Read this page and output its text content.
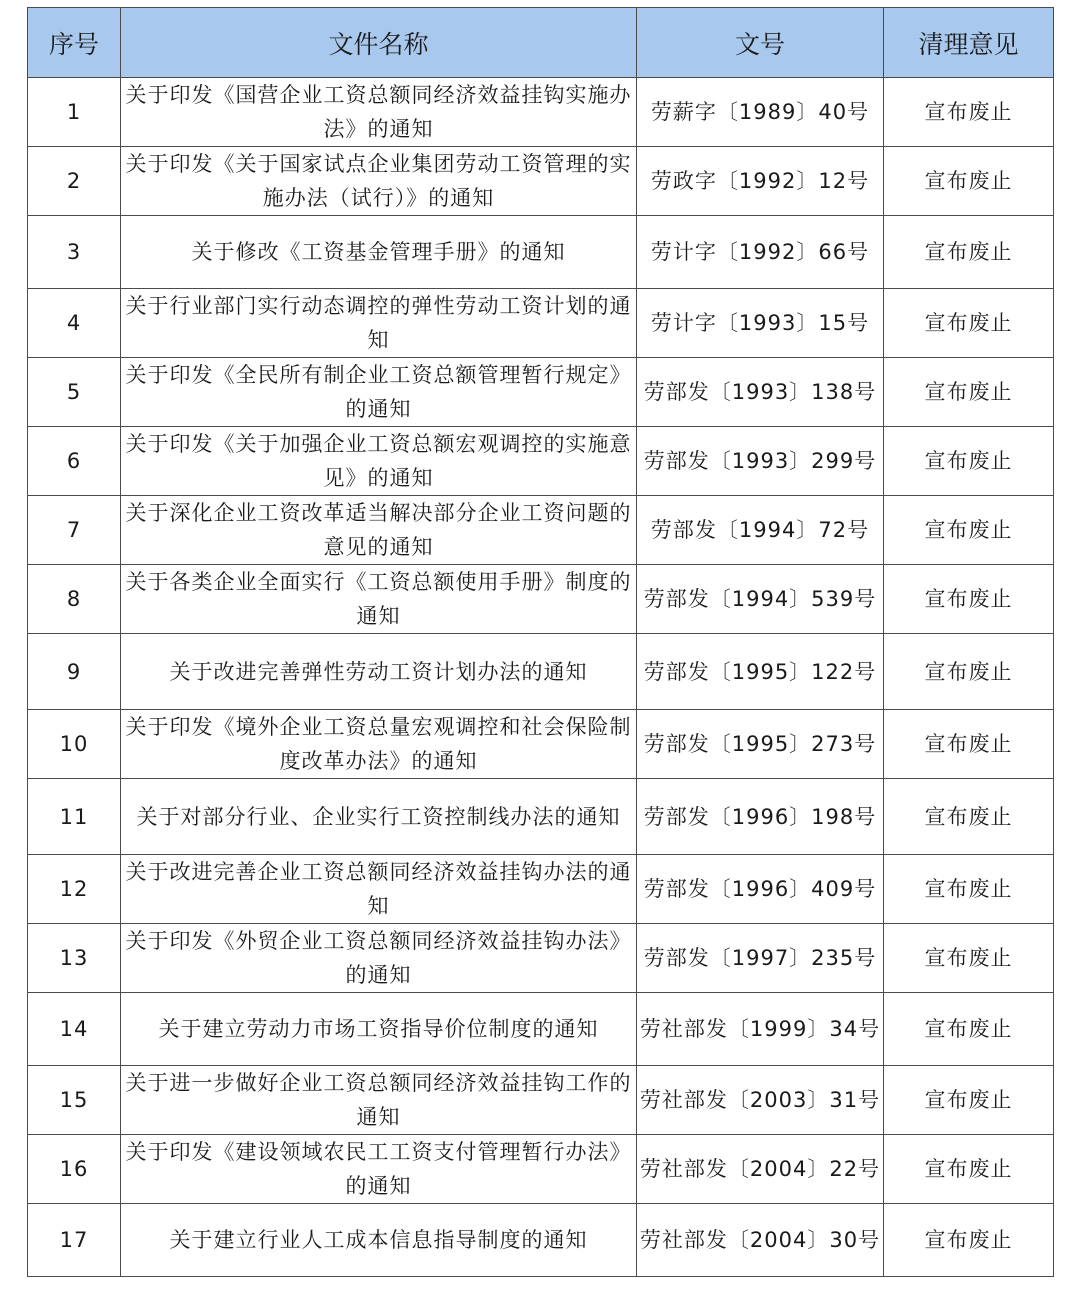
序号	文件名称	文号	清理意见
1	关于印发《国营企业工资总额同经济效益挂钩实施办法》的通知	劳薪字〔1989〕40号	宣布废止
2	关于印发《关于国家试点企业集团劳动工资管理的实施办法（试行）》的通知	劳政字〔1992〕12号	宣布废止
3	关于修改《工资基金管理手册》的通知	劳计字〔1992〕66号	宣布废止
4	关于行业部门实行动态调控的弹性劳动工资计划的通知	劳计字〔1993〕15号	宣布废止
5	关于印发《全民所有制企业工资总额管理暂行规定》的通知	劳部发〔1993〕138号	宣布废止
6	关于印发《关于加强企业工资总额宏观调控的实施意见》的通知	劳部发〔1993〕299号	宣布废止
7	关于深化企业工资改革适当解决部分企业工资问题的意见的通知	劳部发〔1994〕72号	宣布废止
8	关于各类企业全面实行《工资总额使用手册》制度的通知	劳部发〔1994〕539号	宣布废止
9	关于改进完善弹性劳动工资计划办法的通知	劳部发〔1995〕122号	宣布废止
10	关于印发《境外企业工资总量宏观调控和社会保险制度改革办法》的通知	劳部发〔1995〕273号	宣布废止
11	关于对部分行业、企业实行工资控制线办法的通知	劳部发〔1996〕198号	宣布废止
12	关于改进完善企业工资总额同经济效益挂钩办法的通知	劳部发〔1996〕409号	宣布废止
13	关于印发《外贸企业工资总额同经济效益挂钩办法》的通知	劳部发〔1997〕235号	宣布废止
14	关于建立劳动力市场工资指导价位制度的通知	劳社部发〔1999〕34号	宣布废止
15	关于进一步做好企业工资总额同经济效益挂钩工作的通知	劳社部发〔2003〕31号	宣布废止
16	关于印发《建设领域农民工工资支付管理暂行办法》的通知	劳社部发〔2004〕22号	宣布废止
17	关于建立行业人工成本信息指导制度的通知	劳社部发〔2004〕30号	宣布废止
